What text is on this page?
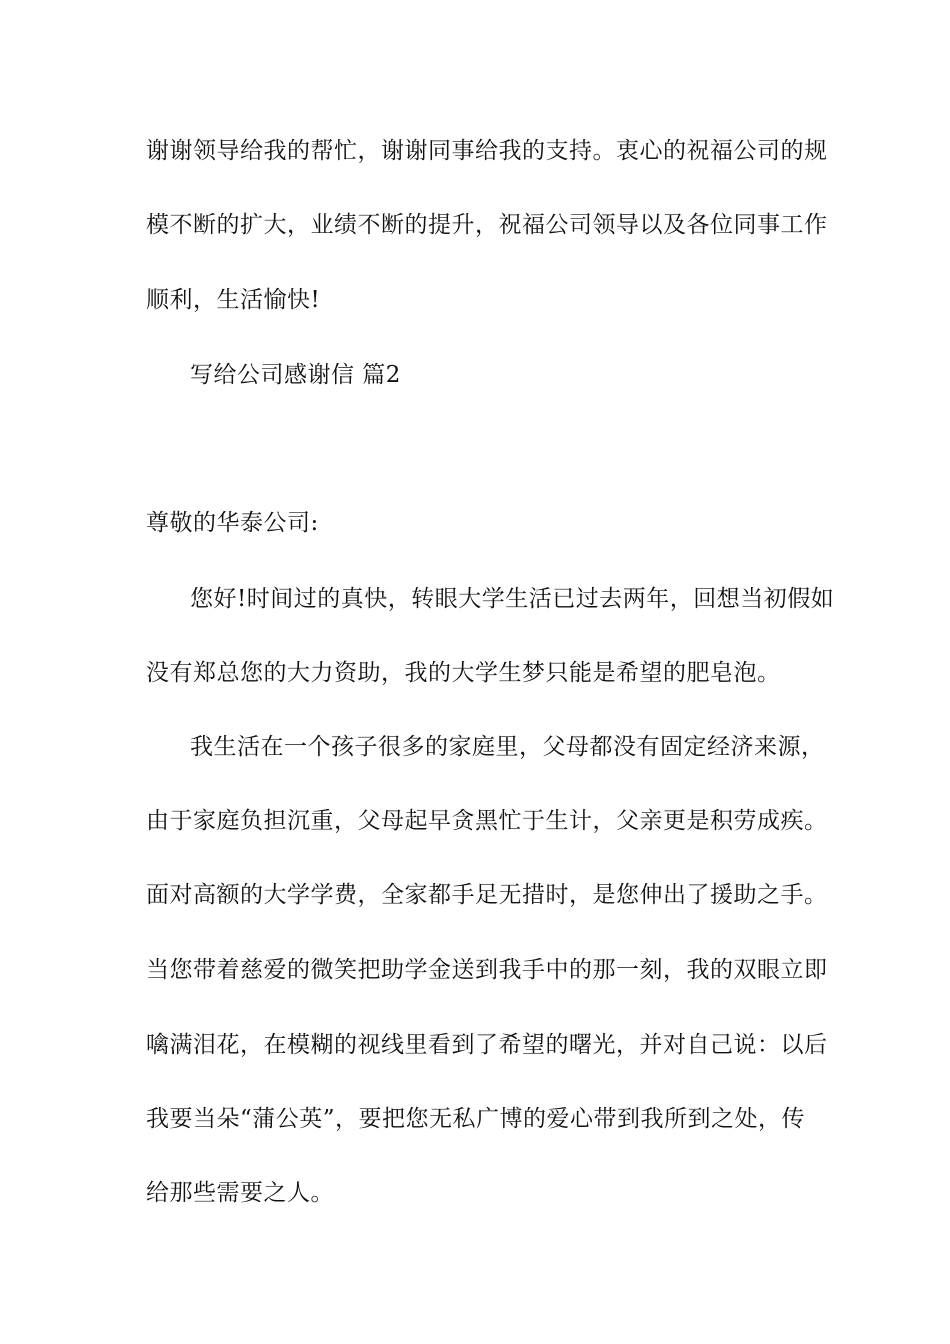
谢谢领导给我的帮忙，谢谢同事给我的支持。衷心的祝福公司的规
模不断的扩大，业绩不断的提升，祝福公司领导以及各位同事工作
顺利，生活愉快!
写给公司感谢信 篇2
尊敬的华泰公司:
您好!时间过的真快，转眼大学生活已过去两年，回想当初假如
没有郑总您的大力资助，我的大学生梦只能是希望的肥皂泡。
我生活在一个孩子很多的家庭里，父母都没有固定经济来源，
由于家庭负担沉重，父母起早贪黑忙于生计，父亲更是积劳成疾。
面对高额的大学学费，全家都手足无措时，是您伸出了援助之手。
当您带着慈爱的微笑把助学金送到我手中的那一刻，我的双眼立即
噙满泪花，在模糊的视线里看到了希望的曙光，并对自己说：以后
我要当朵“蒲公英”，要把您无私广博的爱心带到我所到之处，传
给那些需要之人。
